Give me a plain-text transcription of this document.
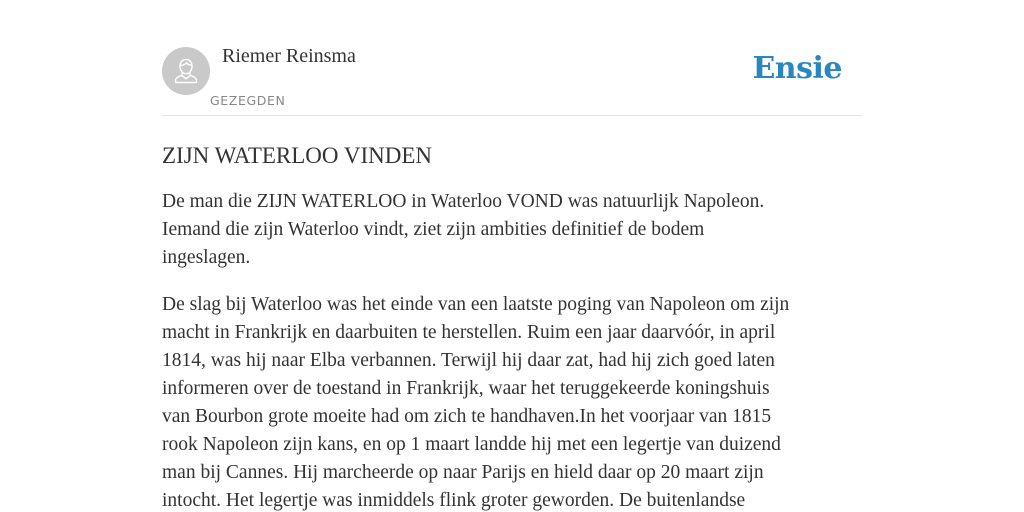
Riemer Reinsma
GEZEGDEN
Ensie
ZIJN WATERLOO VINDEN

De man die ZIJN WATERLOO in Waterloo VOND was natuurlijk Napoleon.
Iemand die zijn Waterloo vindt, ziet zijn ambities definitief de bodem
ingeslagen.

De slag bij Waterloo was het einde van een laatste poging van Napoleon om zijn
macht in Frankrijk en daarbuiten te herstellen. Ruim een jaar daarvóór, in april
1814, was hij naar Elba verbannen. Terwijl hij daar zat, had hij zich goed laten
informeren over de toestand in Frankrijk, waar het teruggekeerde koningshuis
van Bourbon grote moeite had om zich te handhaven.In het voorjaar van 1815
rook Napoleon zijn kans, en op 1 maart landde hij met een legertje van duizend
man bij Cannes. Hij marcheerde op naar Parijs en hield daar op 20 maart zijn
intocht. Het legertje was inmiddels flink groter geworden. De buitenlandse
